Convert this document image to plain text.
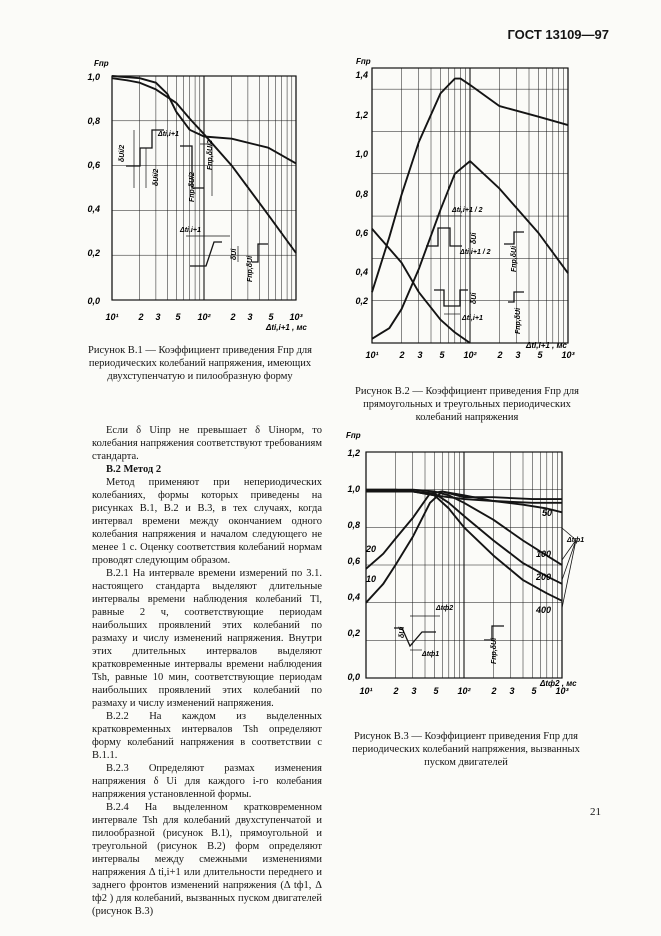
ГОСТ 13109—97
Fпр
1,0
0,8
0,6
0,4
0,2
0,0
10¹ 2 3 5 10² 2 3 5 10³
Δti,i+1 , мс
Δti,i+1
δUi/2
δUi/2	Fпр,δU/2
Fпр,δU/2
Δti,i+1
δUi
Fпр,δUi
Рисунок В.1 — Коэффициент приведения Fпр для периодических колебаний напряжения, имеющих двухступенчатую и пилообразную форму
Fпр
1,4
1,2
1,0
0,8
0,6
0,4
0,2
10¹ 2 3 5 10² 2 3 5 10³
Δti,i+1 / 2
Δti,i+1 / 2
δUi
Fпр,δUi
δUi
Δti,i+1	Fпр,δUi
Δti,i+1 , мс
Рисунок В.2 — Коэффициент приведения Fпр для прямоугольных и треугольных периодических колебаний напряжения
Fпр
1,2
1,0
0,8
0,6
0,4
0,2
0,0
10¹ 2 3 5 10² 2 3 5 10³
Δtф2 , мс
50
100
200
400
20
10
Δtф1
Δtф2
Δtф1
δUi
Fпр,δUi
Рисунок В.3 — Коэффициент приведения Fпр для периодических колебаний напряжения, вызванных пуском двигателей

Если δ Uiпр не превышает δ Uiнорм, то колебания напряжения соответствуют требованиям стандарта.

В.2 Метод 2

Метод применяют при непериодических колебаниях, формы которых приведены на рисунках В.1, В.2 и В.3, в тех случаях, когда интервал времени между окончанием одного колебания напряжения и началом следующего не менее 1 с. Оценку соответствия колебаний нормам проводят следующим образом.

В.2.1 На интервале времени измерений по 3.1. настоящего стандарта выделяют длительные интервалы времени наблюдения колебаний Tl, равные 2 ч, соответствующие периодам наибольших проявлений этих колебаний по размаху и числу изменений напряжения. Внутри этих длительных интервалов выделяют кратковременные интервалы времени наблюдения Tsh, равные 10 мин, соответствующие периодам наибольших проявлений этих колебаний по размаху и числу изменений напряжения.

В.2.2 На каждом из выделенных кратковременных интервалов Tsh определяют форму колебаний напряжения в соответствии с В.1.1.

В.2.3 Определяют размах изменения напряжения δ Ui для каждого i-го колебания напряжения установленной формы.

В.2.4 На выделенном кратковременном интервале Tsh для колебаний двухступенчатой и пилообразной (рисунок В.1), прямоугольной и треугольной (рисунок В.2) форм определяют интервалы между смежными изменениями напряжения Δ ti,i+1 или длительности переднего и заднего фронтов изменений напряжения (Δ tф1, Δ tф2 ) для колебаний, вызванных пуском двигателей (рисунок В.3)

21
